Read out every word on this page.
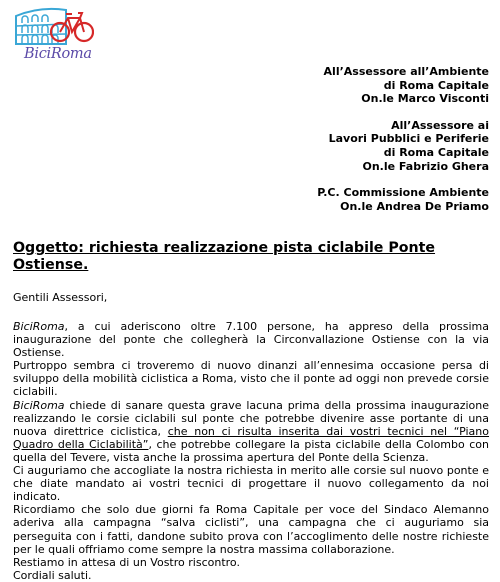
BiciRoma
All’Assessore all’Ambiente
di Roma Capitale
On.le Marco Visconti
All’Assessore ai
Lavori Pubblici e Periferie
di Roma Capitale
On.le Fabrizio Ghera
P.C. Commissione Ambiente
On.le Andrea De Priamo
Oggetto: richiesta realizzazione pista ciclabile Ponte Ostiense.

Gentili Assessori,

BiciRoma, a cui aderiscono oltre 7.100 persone, ha appreso della prossima inaugurazione del ponte che collegherà la Circonvallazione Ostiense con la via Ostiense.

Purtroppo sembra ci troveremo di nuovo dinanzi all’ennesima occasione persa di sviluppo della mobilità ciclistica a Roma, visto che il ponte ad oggi non prevede corsie ciclabili.

BiciRoma chiede di sanare questa grave lacuna prima della prossima inaugurazione realizzando le corsie ciclabili sul ponte che potrebbe divenire asse portante di una nuova direttrice ciclistica, che non ci risulta inserita dai vostri tecnici nel “Piano Quadro della Ciclabilità”, che potrebbe collegare la pista ciclabile della Colombo con quella del Tevere, vista anche la prossima apertura del Ponte della Scienza.

Ci auguriamo che accogliate la nostra richiesta in merito alle corsie sul nuovo ponte e che diate mandato ai vostri tecnici di progettare il nuovo collegamento da noi indicato.

Ricordiamo che solo due giorni fa Roma Capitale per voce del Sindaco Alemanno aderiva alla campagna “salva ciclisti”, una campagna che ci auguriamo sia perseguita con i fatti, dandone subito prova con l’accoglimento delle nostre richieste per le quali offriamo come sempre la nostra massima collaborazione.

Restiamo in attesa di un Vostro riscontro.

Cordiali saluti.
